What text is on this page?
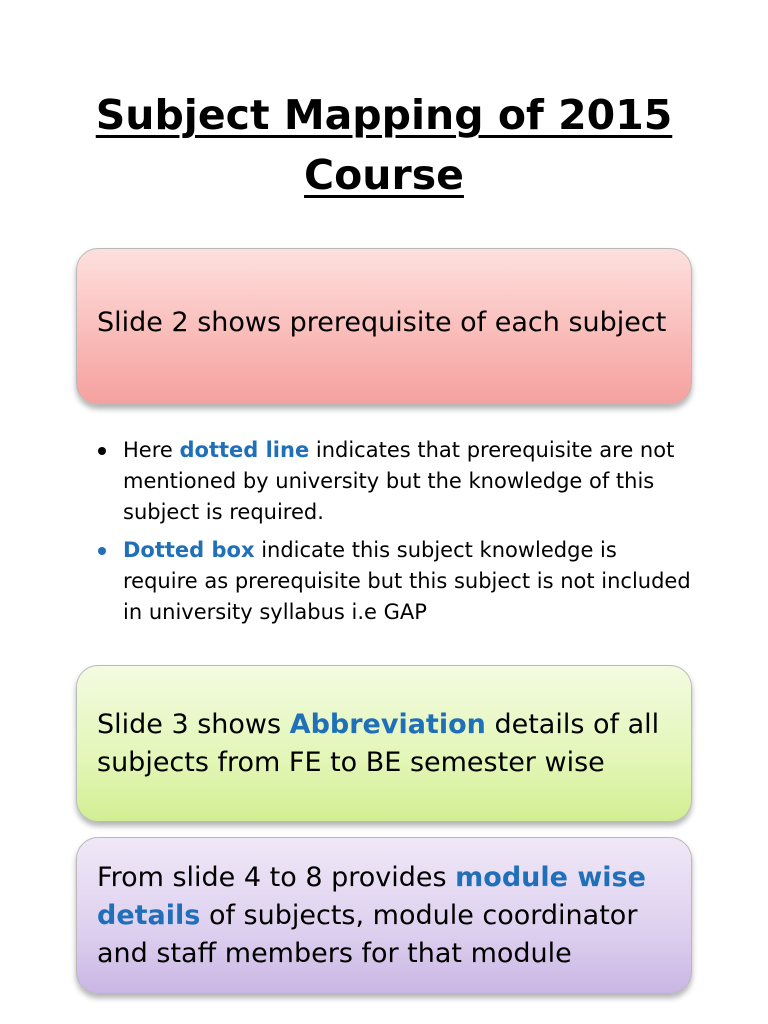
Subject Mapping of 2015
Course

Slide 2 shows prerequisite of each subject

Here dotted line indicates that prerequisite are not mentioned by university but the knowledge of this subject is required.
Dotted box indicate this subject knowledge is require as prerequisite but this subject is not included in university syllabus i.e GAP

Slide 3 shows Abbreviation details of all subjects from FE to BE semester wise

From slide 4 to 8 provides module wise details of subjects, module coordinator and staff members for that module
